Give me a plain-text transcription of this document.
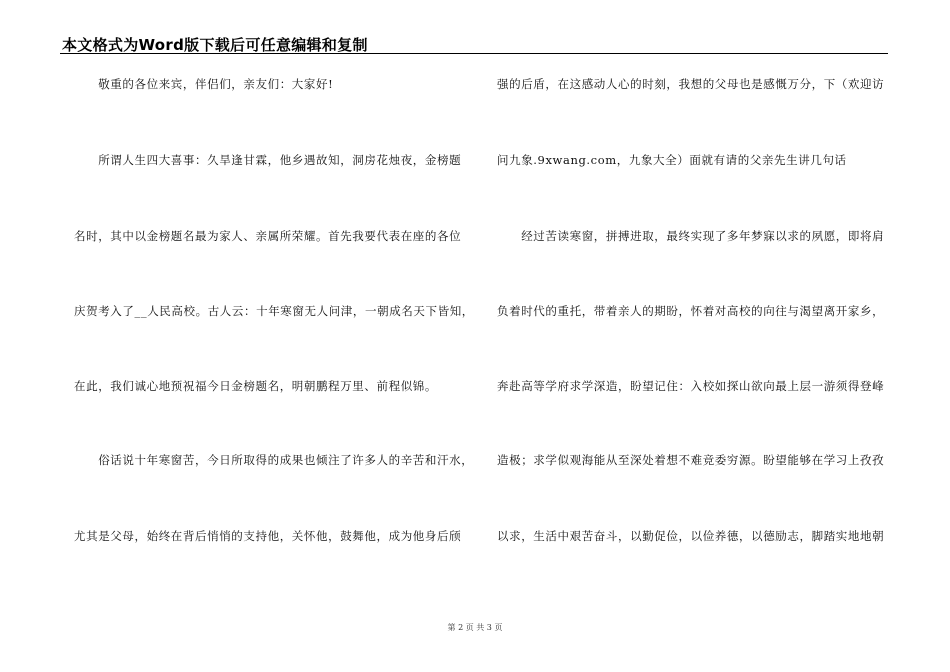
本文格式为Word版下载后可任意编辑和复制
　　敬重的各位来宾，伴侣们，亲友们：大家好!
　　所谓人生四大喜事：久旱逢甘霖，他乡遇故知，洞房花烛夜，金榜题
名时，其中以金榜题名最为家人、亲属所荣耀。首先我要代表在座的各位
庆贺考入了__人民高校。古人云：十年寒窗无人问津，一朝成名天下皆知，
在此，我们诚心地预祝福今日金榜题名，明朝鹏程万里、前程似锦。
　　俗话说十年寒窗苦，今日所取得的成果也倾注了许多人的辛苦和汗水，
尤其是父母，始终在背后悄悄的支持他，关怀他，鼓舞他，成为他身后颀
强的后盾，在这感动人心的时刻，我想的父母也是感慨万分，下（欢迎访
问九象.9xwang.com，九象大全）面就有请的父亲先生讲几句话
　　经过苦读寒窗，拼搏进取，最终实现了多年梦寐以求的夙愿，即将肩
负着时代的重托，带着亲人的期盼，怀着对高校的向往与渴望离开家乡，
奔赴高等学府求学深造，盼望记住：入校如探山欲向最上层一游须得登峰
造极；求学似观海能从至深处着想不难竞委穷源。盼望能够在学习上孜孜
以求，生活中艰苦奋斗，以勤促俭，以俭养德，以德励志，脚踏实地地朝
第 2 页 共 3 页
